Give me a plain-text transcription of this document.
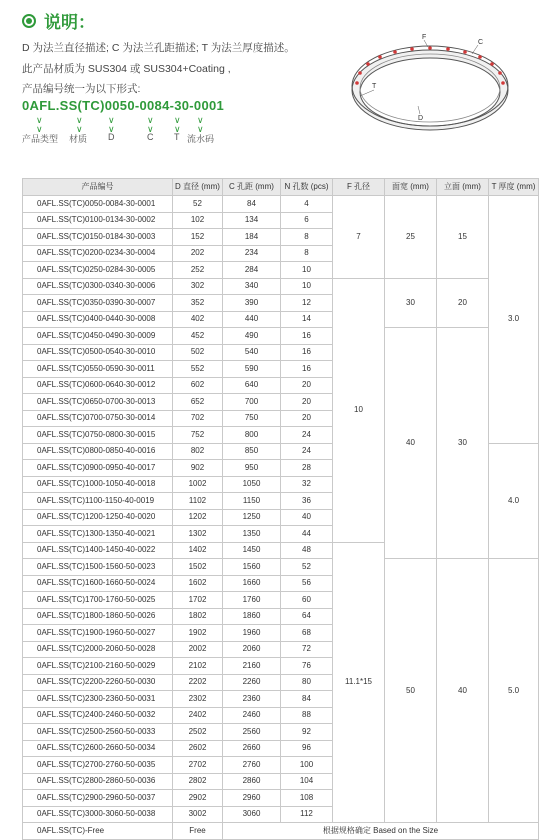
说明：
D 为法兰直径描述; C 为法兰孔距描述; T 为法兰厚度描述。
此产品材质为 SUS304 或 SUS304+Coating ,
产品编号统一为以下形式:
0AFL.SS(TC)0050-0084-30-0001
∨
∨
∨
∨
∨
∨
∨
∨
∨
∨
∨
∨
产品类型 材质 D	C T 流水码
F
C
T
D
产品编号	D 直径 (mm)	C 孔距 (mm)	N 孔数 (pcs)	F 孔径	面宽 (mm)	立面 (mm)	T 厚度 (mm)
0AFL.SS(TC)0050-0084-30-0001	52	84	4	7	25	15	3.0
0AFL.SS(TC)0100-0134-30-0002	102	134	6				
0AFL.SS(TC)0150-0184-30-0003	152	184	8				
0AFL.SS(TC)0200-0234-30-0004	202	234	8				
0AFL.SS(TC)0250-0284-30-0005	252	284	10				
0AFL.SS(TC)0300-0340-30-0006	302	340	10	10	30	20	
0AFL.SS(TC)0350-0390-30-0007	352	390	12				
0AFL.SS(TC)0400-0440-30-0008	402	440	14				
0AFL.SS(TC)0450-0490-30-0009	452	490	16		40	30	
0AFL.SS(TC)0500-0540-30-0010	502	540	16				
0AFL.SS(TC)0550-0590-30-0011	552	590	16				
0AFL.SS(TC)0600-0640-30-0012	602	640	20				
0AFL.SS(TC)0650-0700-30-0013	652	700	20				
0AFL.SS(TC)0700-0750-30-0014	702	750	20				
0AFL.SS(TC)0750-0800-30-0015	752	800	24				
0AFL.SS(TC)0800-0850-40-0016	802	850	24				4.0
0AFL.SS(TC)0900-0950-40-0017	902	950	28				
0AFL.SS(TC)1000-1050-40-0018	1002	1050	32				
0AFL.SS(TC)1100-1150-40-0019	1102	1150	36				
0AFL.SS(TC)1200-1250-40-0020	1202	1250	40				
0AFL.SS(TC)1300-1350-40-0021	1302	1350	44				
0AFL.SS(TC)1400-1450-40-0022	1402	1450	48	11.1*15			
0AFL.SS(TC)1500-1560-50-0023	1502	1560	52		50	40	5.0
0AFL.SS(TC)1600-1660-50-0024	1602	1660	56				
0AFL.SS(TC)1700-1760-50-0025	1702	1760	60				
0AFL.SS(TC)1800-1860-50-0026	1802	1860	64				
0AFL.SS(TC)1900-1960-50-0027	1902	1960	68				
0AFL.SS(TC)2000-2060-50-0028	2002	2060	72				
0AFL.SS(TC)2100-2160-50-0029	2102	2160	76				
0AFL.SS(TC)2200-2260-50-0030	2202	2260	80				
0AFL.SS(TC)2300-2360-50-0031	2302	2360	84				
0AFL.SS(TC)2400-2460-50-0032	2402	2460	88				
0AFL.SS(TC)2500-2560-50-0033	2502	2560	92				
0AFL.SS(TC)2600-2660-50-0034	2602	2660	96				
0AFL.SS(TC)2700-2760-50-0035	2702	2760	100				
0AFL.SS(TC)2800-2860-50-0036	2802	2860	104				
0AFL.SS(TC)2900-2960-50-0037	2902	2960	108				
0AFL.SS(TC)3000-3060-50-0038	3002	3060	112				
0AFL.SS(TC)-Free	Free	根据规格确定 Based on the Size					
